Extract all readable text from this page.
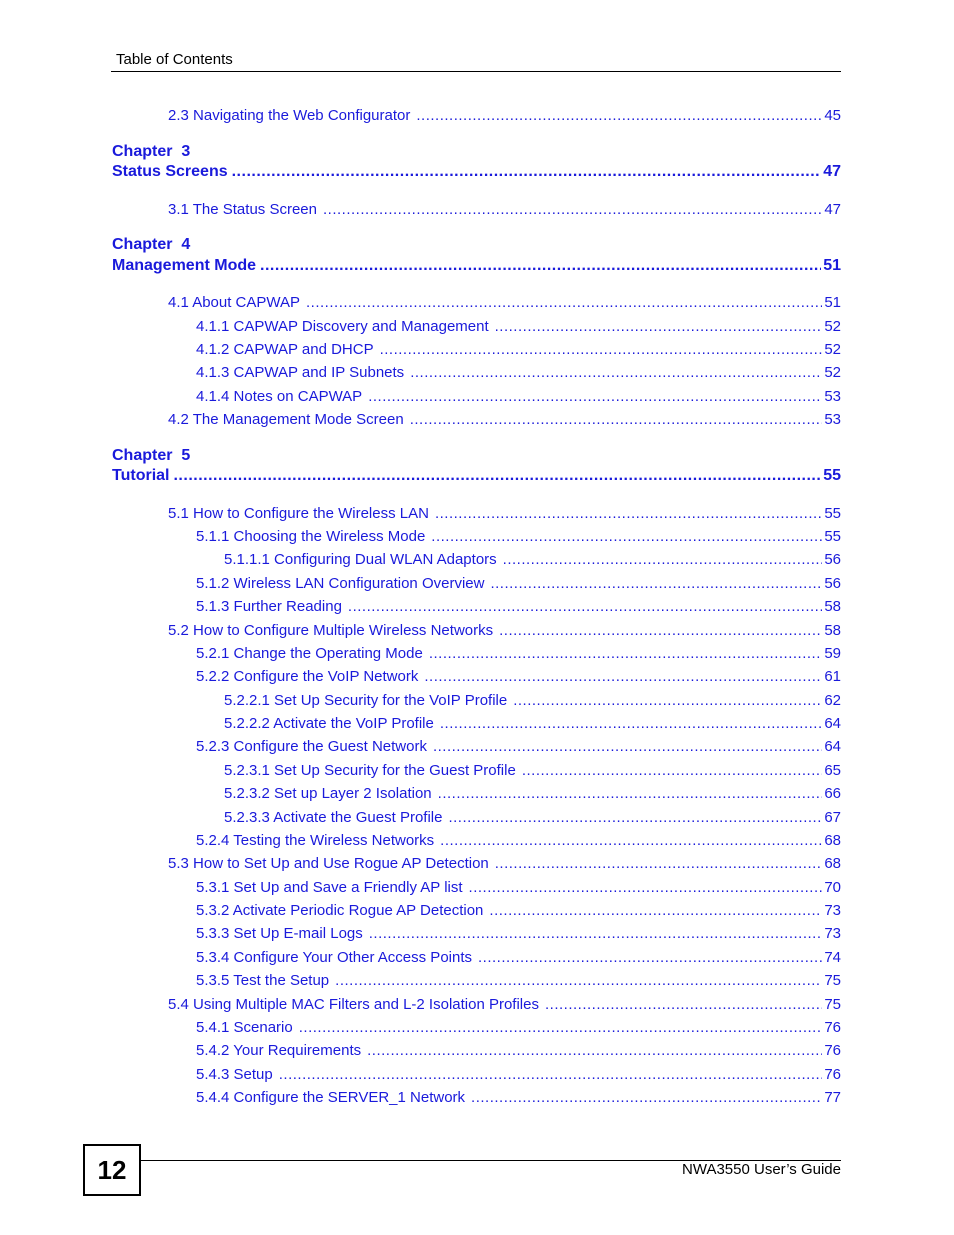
Table of Contents
2.3 Navigating the Web Configurator .....	45
Chapter  3
Status Screens .....	47
3.1 The Status Screen .....	47
Chapter  4
Management Mode .....	51
4.1 About CAPWAP .....	51
4.1.1 CAPWAP Discovery and Management .....	52
4.1.2 CAPWAP and DHCP .....	52
4.1.3 CAPWAP and IP Subnets .....	52
4.1.4 Notes on CAPWAP .....	53
4.2 The Management Mode Screen .....	53
Chapter  5
Tutorial .....	55
5.1 How to Configure the Wireless LAN .....	55
5.1.1 Choosing the Wireless Mode .....	55
5.1.1.1 Configuring Dual WLAN Adaptors .....	56
5.1.2 Wireless LAN Configuration Overview .....	56
5.1.3 Further Reading .....	58
5.2 How to Configure Multiple Wireless Networks .....	58
5.2.1 Change the Operating Mode .....	59
5.2.2 Configure the VoIP Network .....	61
5.2.2.1 Set Up Security for the VoIP Profile .....	62
5.2.2.2 Activate the VoIP Profile .....	64
5.2.3 Configure the Guest Network .....	64
5.2.3.1 Set Up Security for the Guest Profile .....	65
5.2.3.2 Set up Layer 2 Isolation .....	66
5.2.3.3 Activate the Guest Profile .....	67
5.2.4 Testing the Wireless Networks .....	68
5.3 How to Set Up and Use Rogue AP Detection .....	68
5.3.1 Set Up and Save a Friendly AP list .....	70
5.3.2 Activate Periodic Rogue AP Detection .....	73
5.3.3 Set Up E-mail Logs .....	73
5.3.4 Configure Your Other Access Points .....	74
5.3.5 Test the Setup .....	75
5.4 Using Multiple MAC Filters and L-2 Isolation Profiles .....	75
5.4.1 Scenario .....	76
5.4.2 Your Requirements .....	76
5.4.3 Setup .....	76
5.4.4 Configure the SERVER_1 Network .....	77
12	NWA3550 User’s Guide
